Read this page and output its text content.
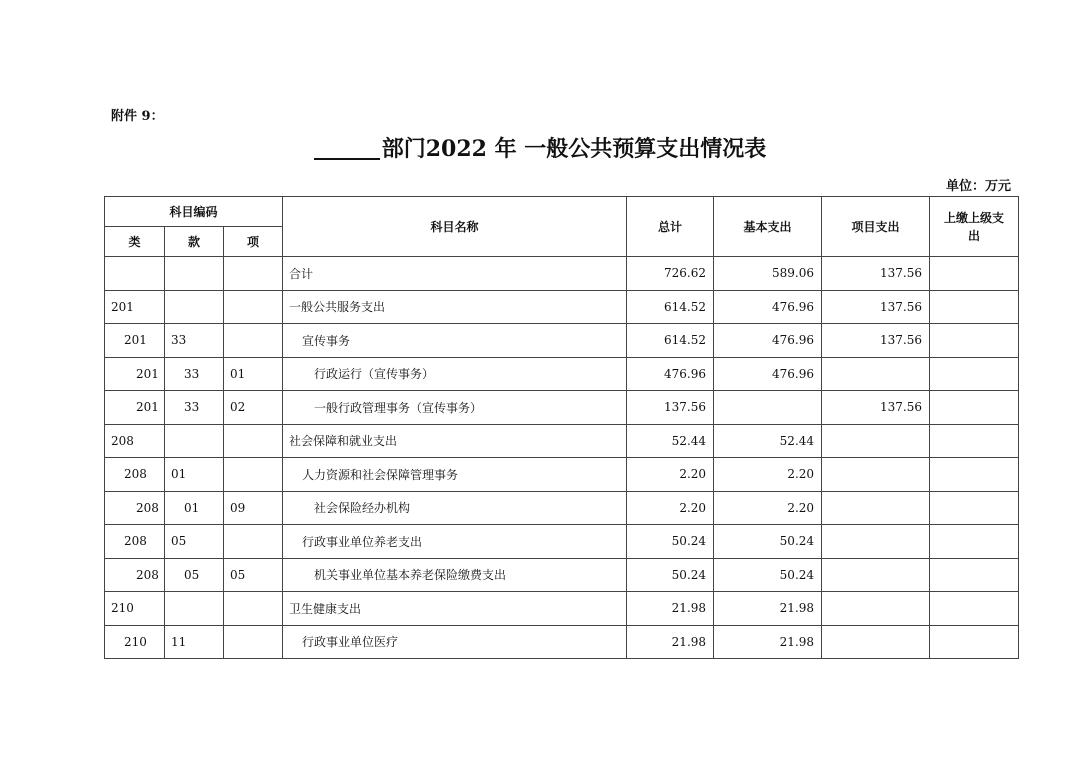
附件 9：
部门2022 年 一般公共预算支出情况表
单位：万元
科目编码			科目名称	总计	基本支出	项目支出	上缴上级支出
类	款	项					
			合计	726.62	589.06	137.56	
201			一般公共服务支出	614.52	476.96	137.56	
201	33		宣传事务	614.52	476.96	137.56	
201	33	01	行政运行（宣传事务）	476.96	476.96		
201	33	02	一般行政管理事务（宣传事务）	137.56		137.56	
208			社会保障和就业支出	52.44	52.44		
208	01		人力资源和社会保障管理事务	2.20	2.20		
208	01	09	社会保险经办机构	2.20	2.20		
208	05		行政事业单位养老支出	50.24	50.24		
208	05	05	机关事业单位基本养老保险缴费支出	50.24	50.24		
210			卫生健康支出	21.98	21.98		
210	11		行政事业单位医疗	21.98	21.98		
